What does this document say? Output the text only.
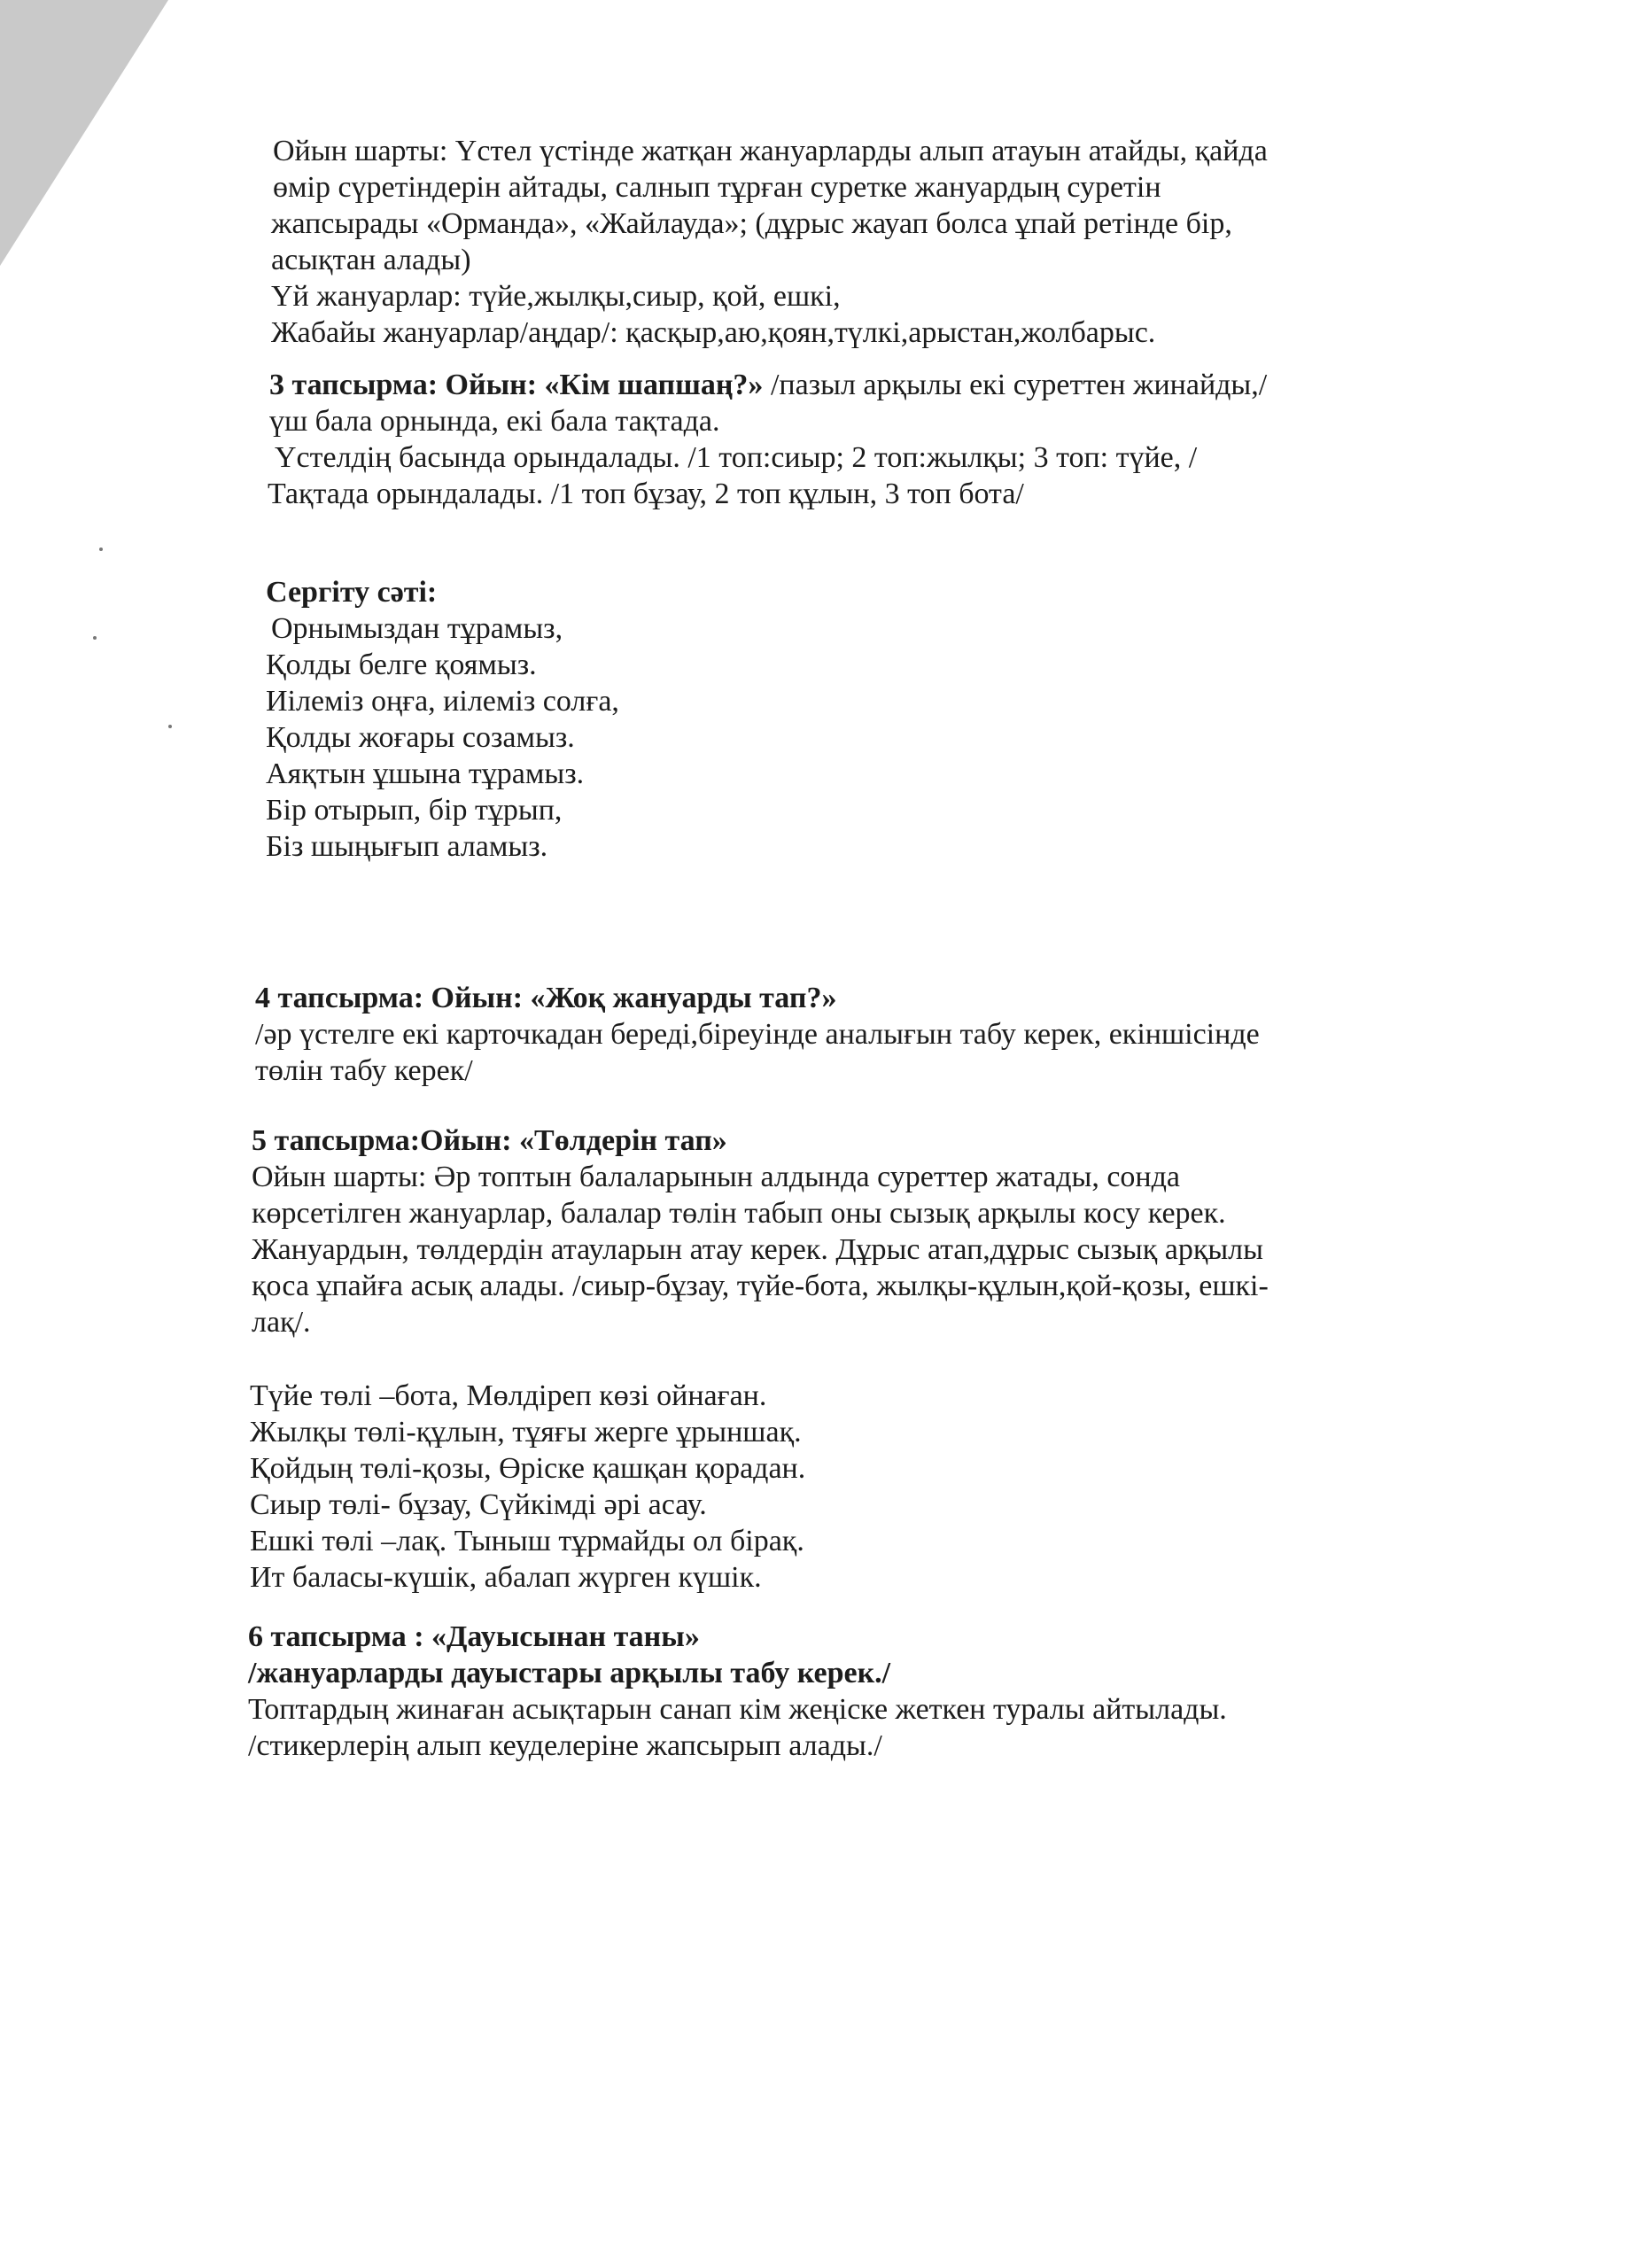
Ойын шарты: Үстел үстінде жатқан жануарларды алып атауын атайды, қайда
өмір сүретіндерін айтады, салнып тұрған суретке жануардың суретін
жапсырады «Орманда», «Жайлауда»; (дұрыс жауап болса ұпай ретінде бір,
асықтан алады)
Үй жануарлар: түйе,жылқы,сиыр, қой, ешкі,
Жабайы жануарлар/аңдар/: қасқыр,аю,қоян,түлкі,арыстан,жолбарыс.
3 тапсырма: Ойын: «Кім шапшаң?» /пазыл арқылы екі суреттен жинайды,/
үш бала орнында, екі бала тақтада.
Үстелдің басында орындалады. /1 топ:сиыр; 2 топ:жылқы; 3 топ: түйе, /
Тақтада орындалады. /1 топ бұзау, 2 топ құлын, 3 топ бота/
Сергіту сәті:
Орнымыздан тұрамыз,
Қолды белге қоямыз.
Иілеміз оңға, иілеміз солға,
Қолды жоғары созамыз.
Аяқтын ұшына тұрамыз.
Бір отырып, бір тұрып,
Біз шыңығып аламыз.
4 тапсырма: Ойын: «Жоқ жануарды тап?»
/әр үстелге екі карточкадан береді,біреуінде аналығын табу керек, екіншісінде
төлін табу керек/
5 тапсырма:Ойын: «Төлдерін тап»
Ойын шарты: Әр топтын балаларынын алдында суреттер жатады, сонда
көрсетілген жануарлар, балалар төлін табып оны сызық арқылы косу керек.
Жануардын, төлдердін атауларын атау керек. Дұрыс атап,дұрыс сызық арқылы
қоса ұпайға асық алады. /сиыр-бұзау, түйе-бота, жылқы-құлын,қой-қозы, ешкі-
лақ/.
Түйе төлі –бота, Мөлдіреп көзі ойнаған.
Жылқы төлі-құлын, тұяғы жерге ұрыншақ.
Қойдың төлі-қозы, Өріске қашқан қорадан.
Сиыр төлі- бұзау, Сүйкімді әрі асау.
Ешкі төлі –лақ. Тыныш тұрмайды ол бірақ.
Ит баласы-күшік, абалап жүрген күшік.
6 тапсырма : «Дауысынан таны»
/жануарларды дауыстары арқылы табу керек./
Топтардың жинаған асықтарын санап кім жеңіске жеткен туралы айтылады.
/стикерлерің алып кеуделеріне жапсырып алады./
